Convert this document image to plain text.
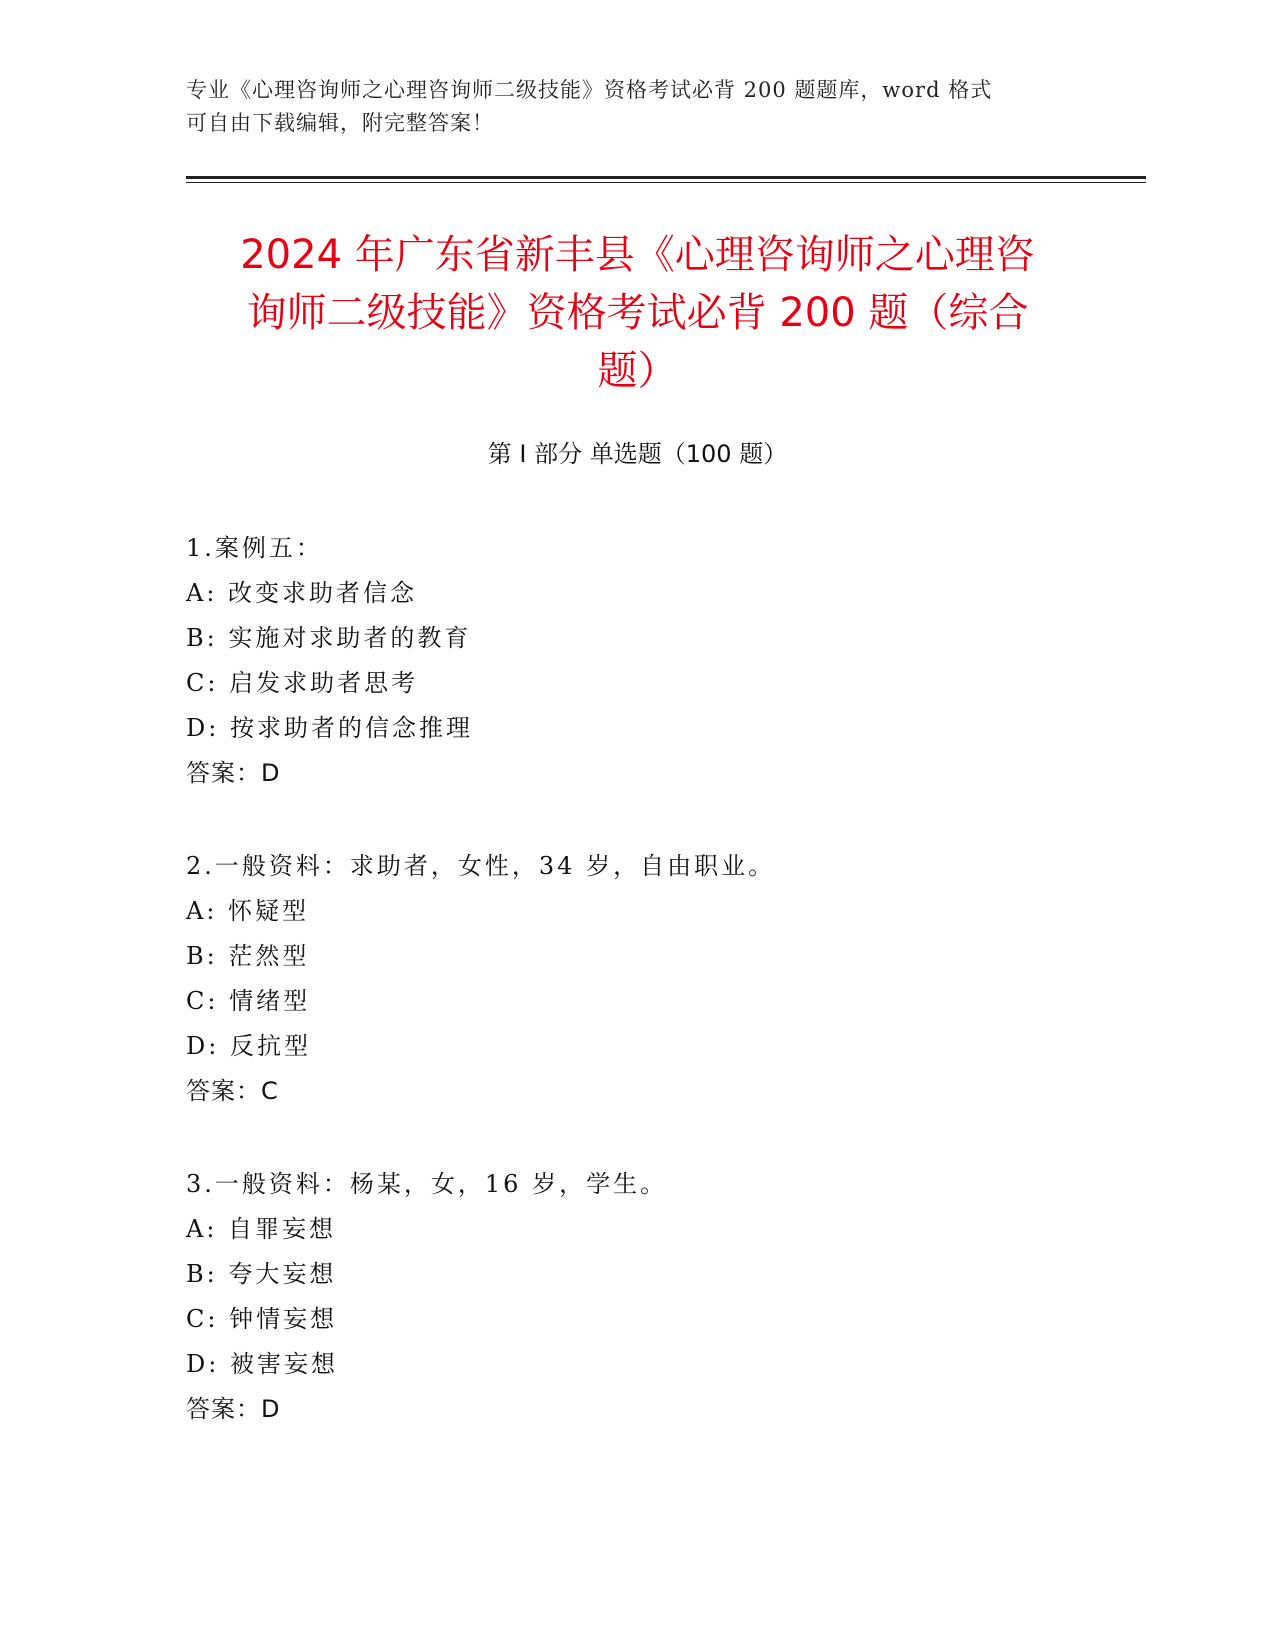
专业《心理咨询师之心理咨询师二级技能》资格考试必背 200 题题库，word 格式
可自由下载编辑，附完整答案！
2024 年广东省新丰县《心理咨询师之心理咨
询师二级技能》资格考试必背 200 题（综合
题）
第 I 部分 单选题（100 题）
1.案例五：
A: 改变求助者信念
B: 实施对求助者的教育
C: 启发求助者思考
D: 按求助者的信念推理
答案：D
2.一般资料：求助者，女性，34 岁，自由职业。
A: 怀疑型
B: 茫然型
C: 情绪型
D: 反抗型
答案：C
3.一般资料：杨某，女，16 岁，学生。
A: 自罪妄想
B: 夸大妄想
C: 钟情妄想
D: 被害妄想
答案：D
